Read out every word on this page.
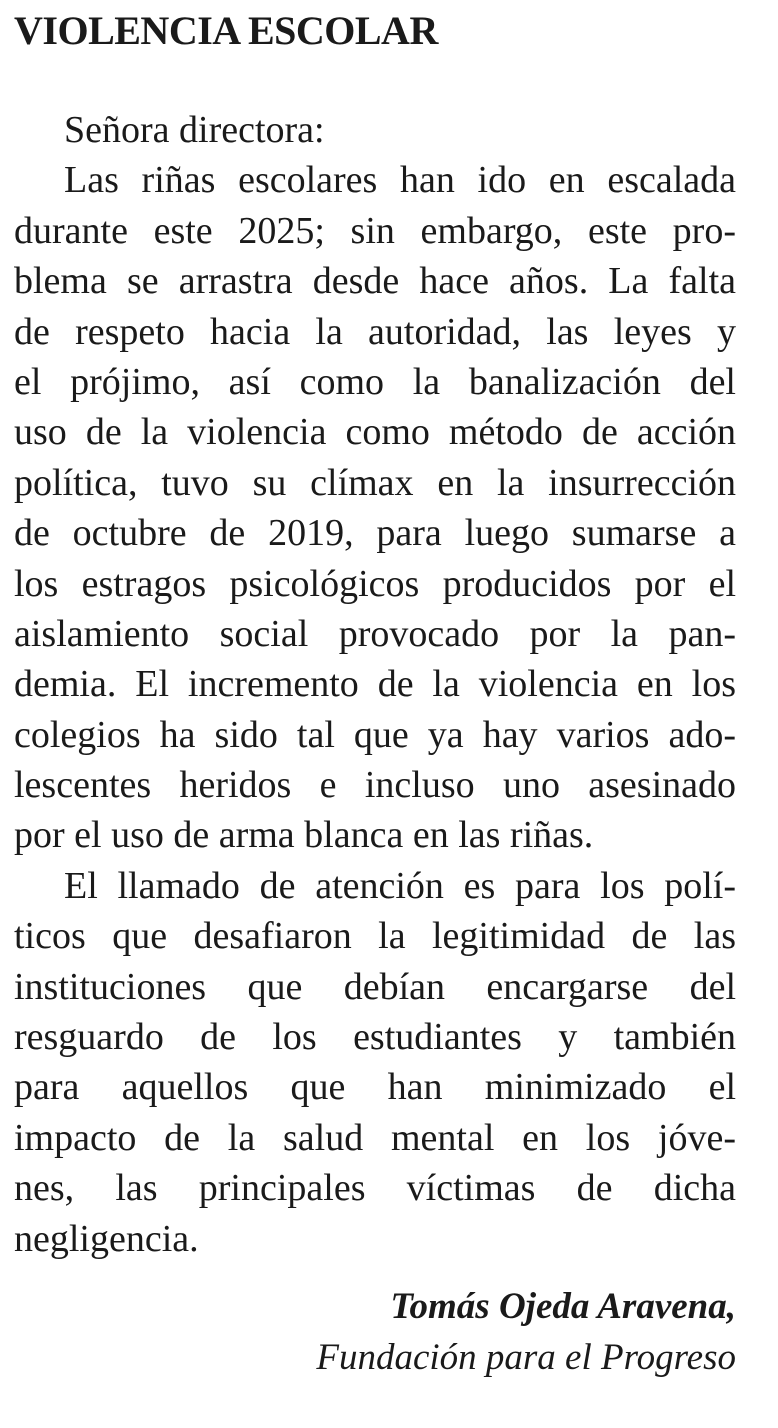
VIOLENCIA ESCOLAR
Señora directora:
Las riñas escolares han ido en escalada
durante este 2025; sin embargo, este pro-
blema se arrastra desde hace años. La falta
de respeto hacia la autoridad, las leyes y
el prójimo, así como la banalización del
uso de la violencia como método de acción
política, tuvo su clímax en la insurrección
de octubre de 2019, para luego sumarse a
los estragos psicológicos producidos por el
aislamiento social provocado por la pan-
demia. El incremento de la violencia en los
colegios ha sido tal que ya hay varios ado-
lescentes heridos e incluso uno asesinado
por el uso de arma blanca en las riñas.
El llamado de atención es para los polí-
ticos que desafiaron la legitimidad de las
instituciones que debían encargarse del
resguardo de los estudiantes y también
para aquellos que han minimizado el
impacto de la salud mental en los jóve-
nes, las principales víctimas de dicha
negligencia.
Tomás Ojeda Aravena,
Fundación para el Progreso
